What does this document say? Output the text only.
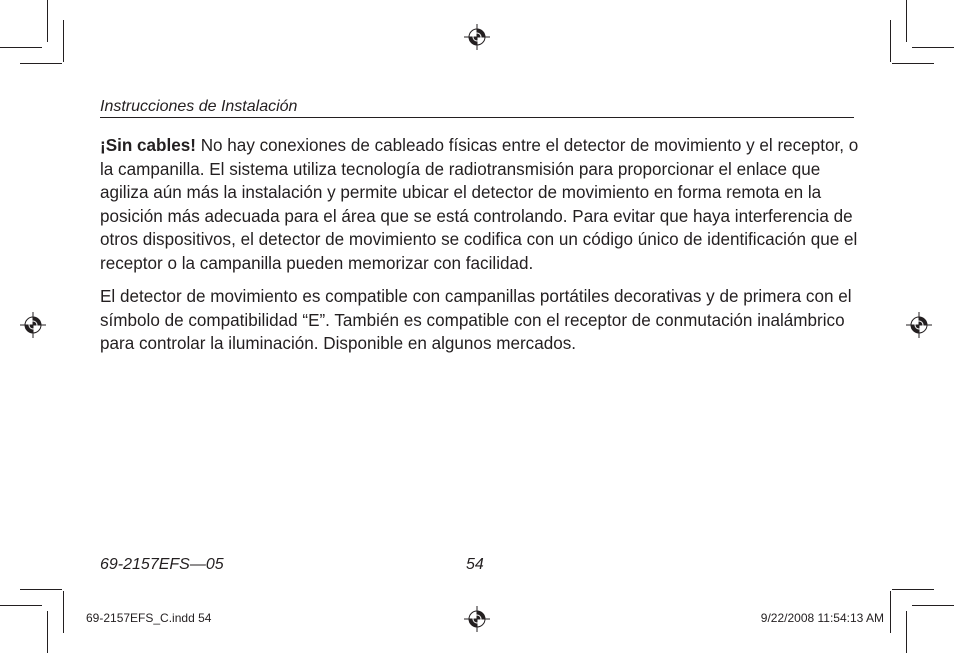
Instrucciones de Instalación

¡Sin cables! No hay conexiones de cableado físicas entre el detector de movimiento y el receptor, o la campanilla. El sistema utiliza tecnología de radiotransmisión para proporcionar el enlace que agiliza aún más la instalación y permite ubicar el detector de movimiento en forma remota en la posición más adecuada para el área que se está controlando. Para evitar que haya interferencia de otros dispositivos, el detector de movimiento se codifica con un código único de identificación que el receptor o la campanilla pueden memorizar con facilidad.

El detector de movimiento es compatible con campanillas portátiles decorativas y de primera con el símbolo de compatibilidad “E”. También es compatible con el receptor de conmutación inalámbrico para controlar la iluminación. Disponible en algunos mercados.

69-2157EFS—05	54
69-2157EFS_C.indd 54	9/22/2008 11:54:13 AM
